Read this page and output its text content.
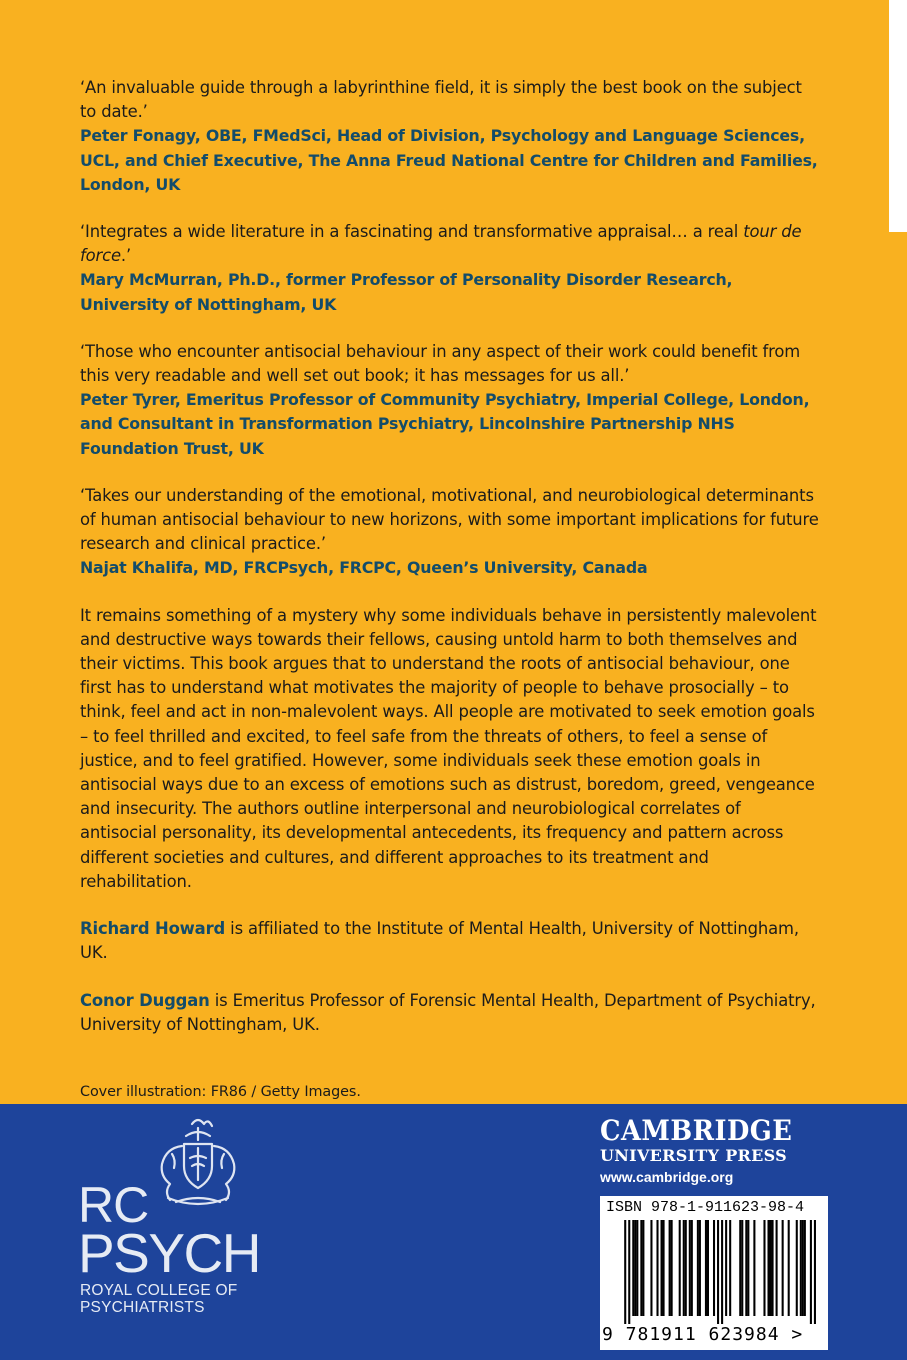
‘An invaluable guide through a labyrinthine field, it is simply the best book on the subject to date.’

Peter Fonagy, OBE, FMedSci, Head of Division, Psychology and Language Sciences, UCL, and Chief Executive, The Anna Freud National Centre for Children and Families, London, UK

‘Integrates a wide literature in a fascinating and transformative appraisal… a real tour de force.’

Mary McMurran, Ph.D., former Professor of Personality Disorder Research, University of Nottingham, UK

‘Those who encounter antisocial behaviour in any aspect of their work could benefit from this very readable and well set out book; it has messages for us all.’

Peter Tyrer, Emeritus Professor of Community Psychiatry, Imperial College, London, and Consultant in Transformation Psychiatry, Lincolnshire Partnership NHS Foundation Trust, UK

‘Takes our understanding of the emotional, motivational, and neurobiological determinants of human antisocial behaviour to new horizons, with some important implications for future research and clinical practice.’

Najat Khalifa, MD, FRCPsych, FRCPC, Queen’s University, Canada

It remains something of a mystery why some individuals behave in persistently malevolent and destructive ways towards their fellows, causing untold harm to both themselves and their victims. This book argues that to understand the roots of antisocial behaviour, one first has to understand what motivates the majority of people to behave prosocially – to think, feel and act in non-malevolent ways. All people are motivated to seek emotion goals – to feel thrilled and excited, to feel safe from the threats of others, to feel a sense of justice, and to feel gratified. However, some individuals seek these emotion goals in antisocial ways due to an excess of emotions such as distrust, boredom, greed, vengeance and insecurity. The authors outline interpersonal and neurobiological correlates of antisocial personality, its developmental antecedents, its frequency and pattern across different societies and cultures, and different approaches to its treatment and rehabilitation.

Richard Howard is affiliated to the Institute of Mental Health, University of Nottingham, UK.

Conor Duggan is Emeritus Professor of Forensic Mental Health, Department of Psychiatry, University of Nottingham, UK.

Cover illustration: FR86 / Getty Images.

RC
PSYCH
ROYAL COLLEGE OF
PSYCHIATRISTS
CAMBRIDGE
UNIVERSITY PRESS
www.cambridge.org
ISBN 978-1-911623-98-4
9 781911 623984 >
